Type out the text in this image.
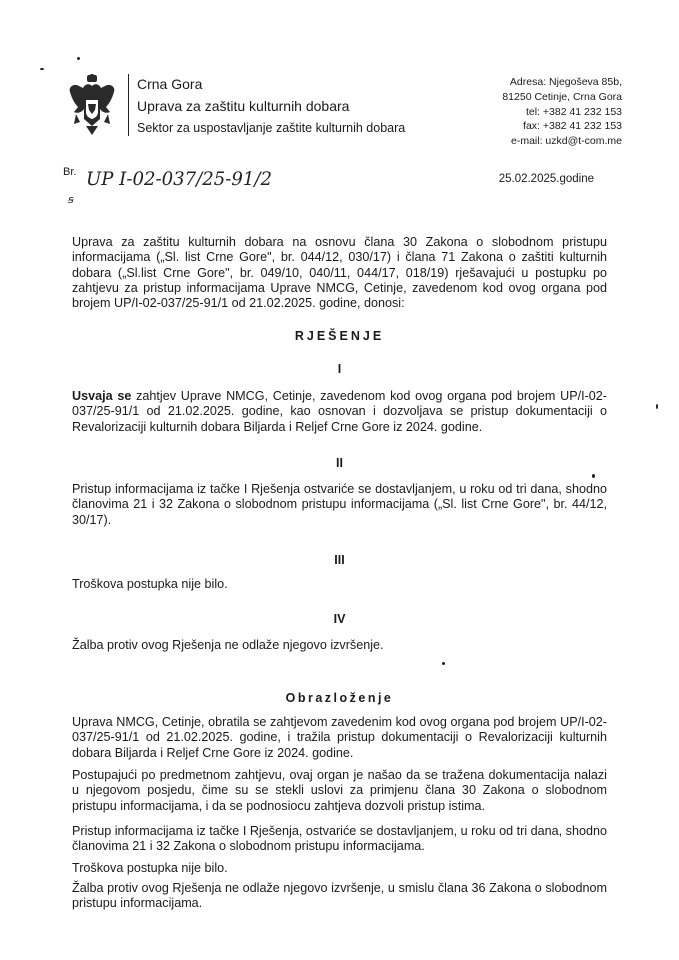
Crna Gora
Uprava za zaštitu kulturnih dobara
Sektor za uspostavljanje zaštite kulturnih dobara
Adresa: Njegoševa 85b,
81250 Cetinje, Crna Gora
tel: +382 41 232 153
fax: +382 41 232 153
e-mail: uzkd@t-com.me
Br. UP I-02-037/25-91/2
ꞩ
25.02.2025.godine

Uprava za zaštitu kulturnih dobara na osnovu člana 30 Zakona o slobodnom pristupu informacijama („Sl. list Crne Gore", br. 044/12, 030/17) i člana 71 Zakona o zaštiti kulturnih dobara („Sl.list Crne Gore", br. 049/10, 040/11, 044/17, 018/19) rješavajući u postupku po zahtjevu za pristup informacijama Uprave NMCG, Cetinje, zavedenom kod ovog organa pod brojem UP/I-02-037/25-91/1 od 21.02.2025. godine, donosi:

RJEŠENJE
I

Usvaja se zahtjev Uprave NMCG, Cetinje, zavedenom kod ovog organa pod brojem UP/I-02-037/25-91/1 od 21.02.2025. godine, kao osnovan i dozvoljava se pristup dokumentaciji o Revalorizaciji kulturnih dobara Biljarda i Reljef Crne Gore iz 2024. godine.

II

Pristup informacijama iz tačke I Rješenja ostvariće se dostavljanjem, u roku od tri dana, shodno članovima 21 i 32 Zakona o slobodnom pristupu informacijama („Sl. list Crne Gore", br. 44/12, 30/17).

III

Troškova postupka nije bilo.

IV

Žalba protiv ovog Rješenja ne odlaže njegovo izvršenje.

Obrazloženje

Uprava NMCG, Cetinje, obratila se zahtjevom zavedenim kod ovog organa pod brojem UP/I-02-037/25-91/1 od 21.02.2025. godine, i tražila pristup dokumentaciji o Revalorizaciji kulturnih dobara Biljarda i Reljef Crne Gore iz 2024. godine.

Postupajući po predmetnom zahtjevu, ovaj organ je našao da se tražena dokumentacija nalazi u njegovom posjedu, čime su se stekli uslovi za primjenu člana 30 Zakona o slobodnom pristupu informacijama, i da se podnosiocu zahtjeva dozvoli pristup istima.

Pristup informacijama iz tačke I Rješenja, ostvariće se dostavljanjem, u roku od tri dana, shodno članovima 21 i 32 Zakona o slobodnom pristupu informacijama.

Troškova postupka nije bilo.

Žalba protiv ovog Rješenja ne odlaže njegovo izvršenje, u smislu člana 36 Zakona o slobodnom pristupu informacijama.
